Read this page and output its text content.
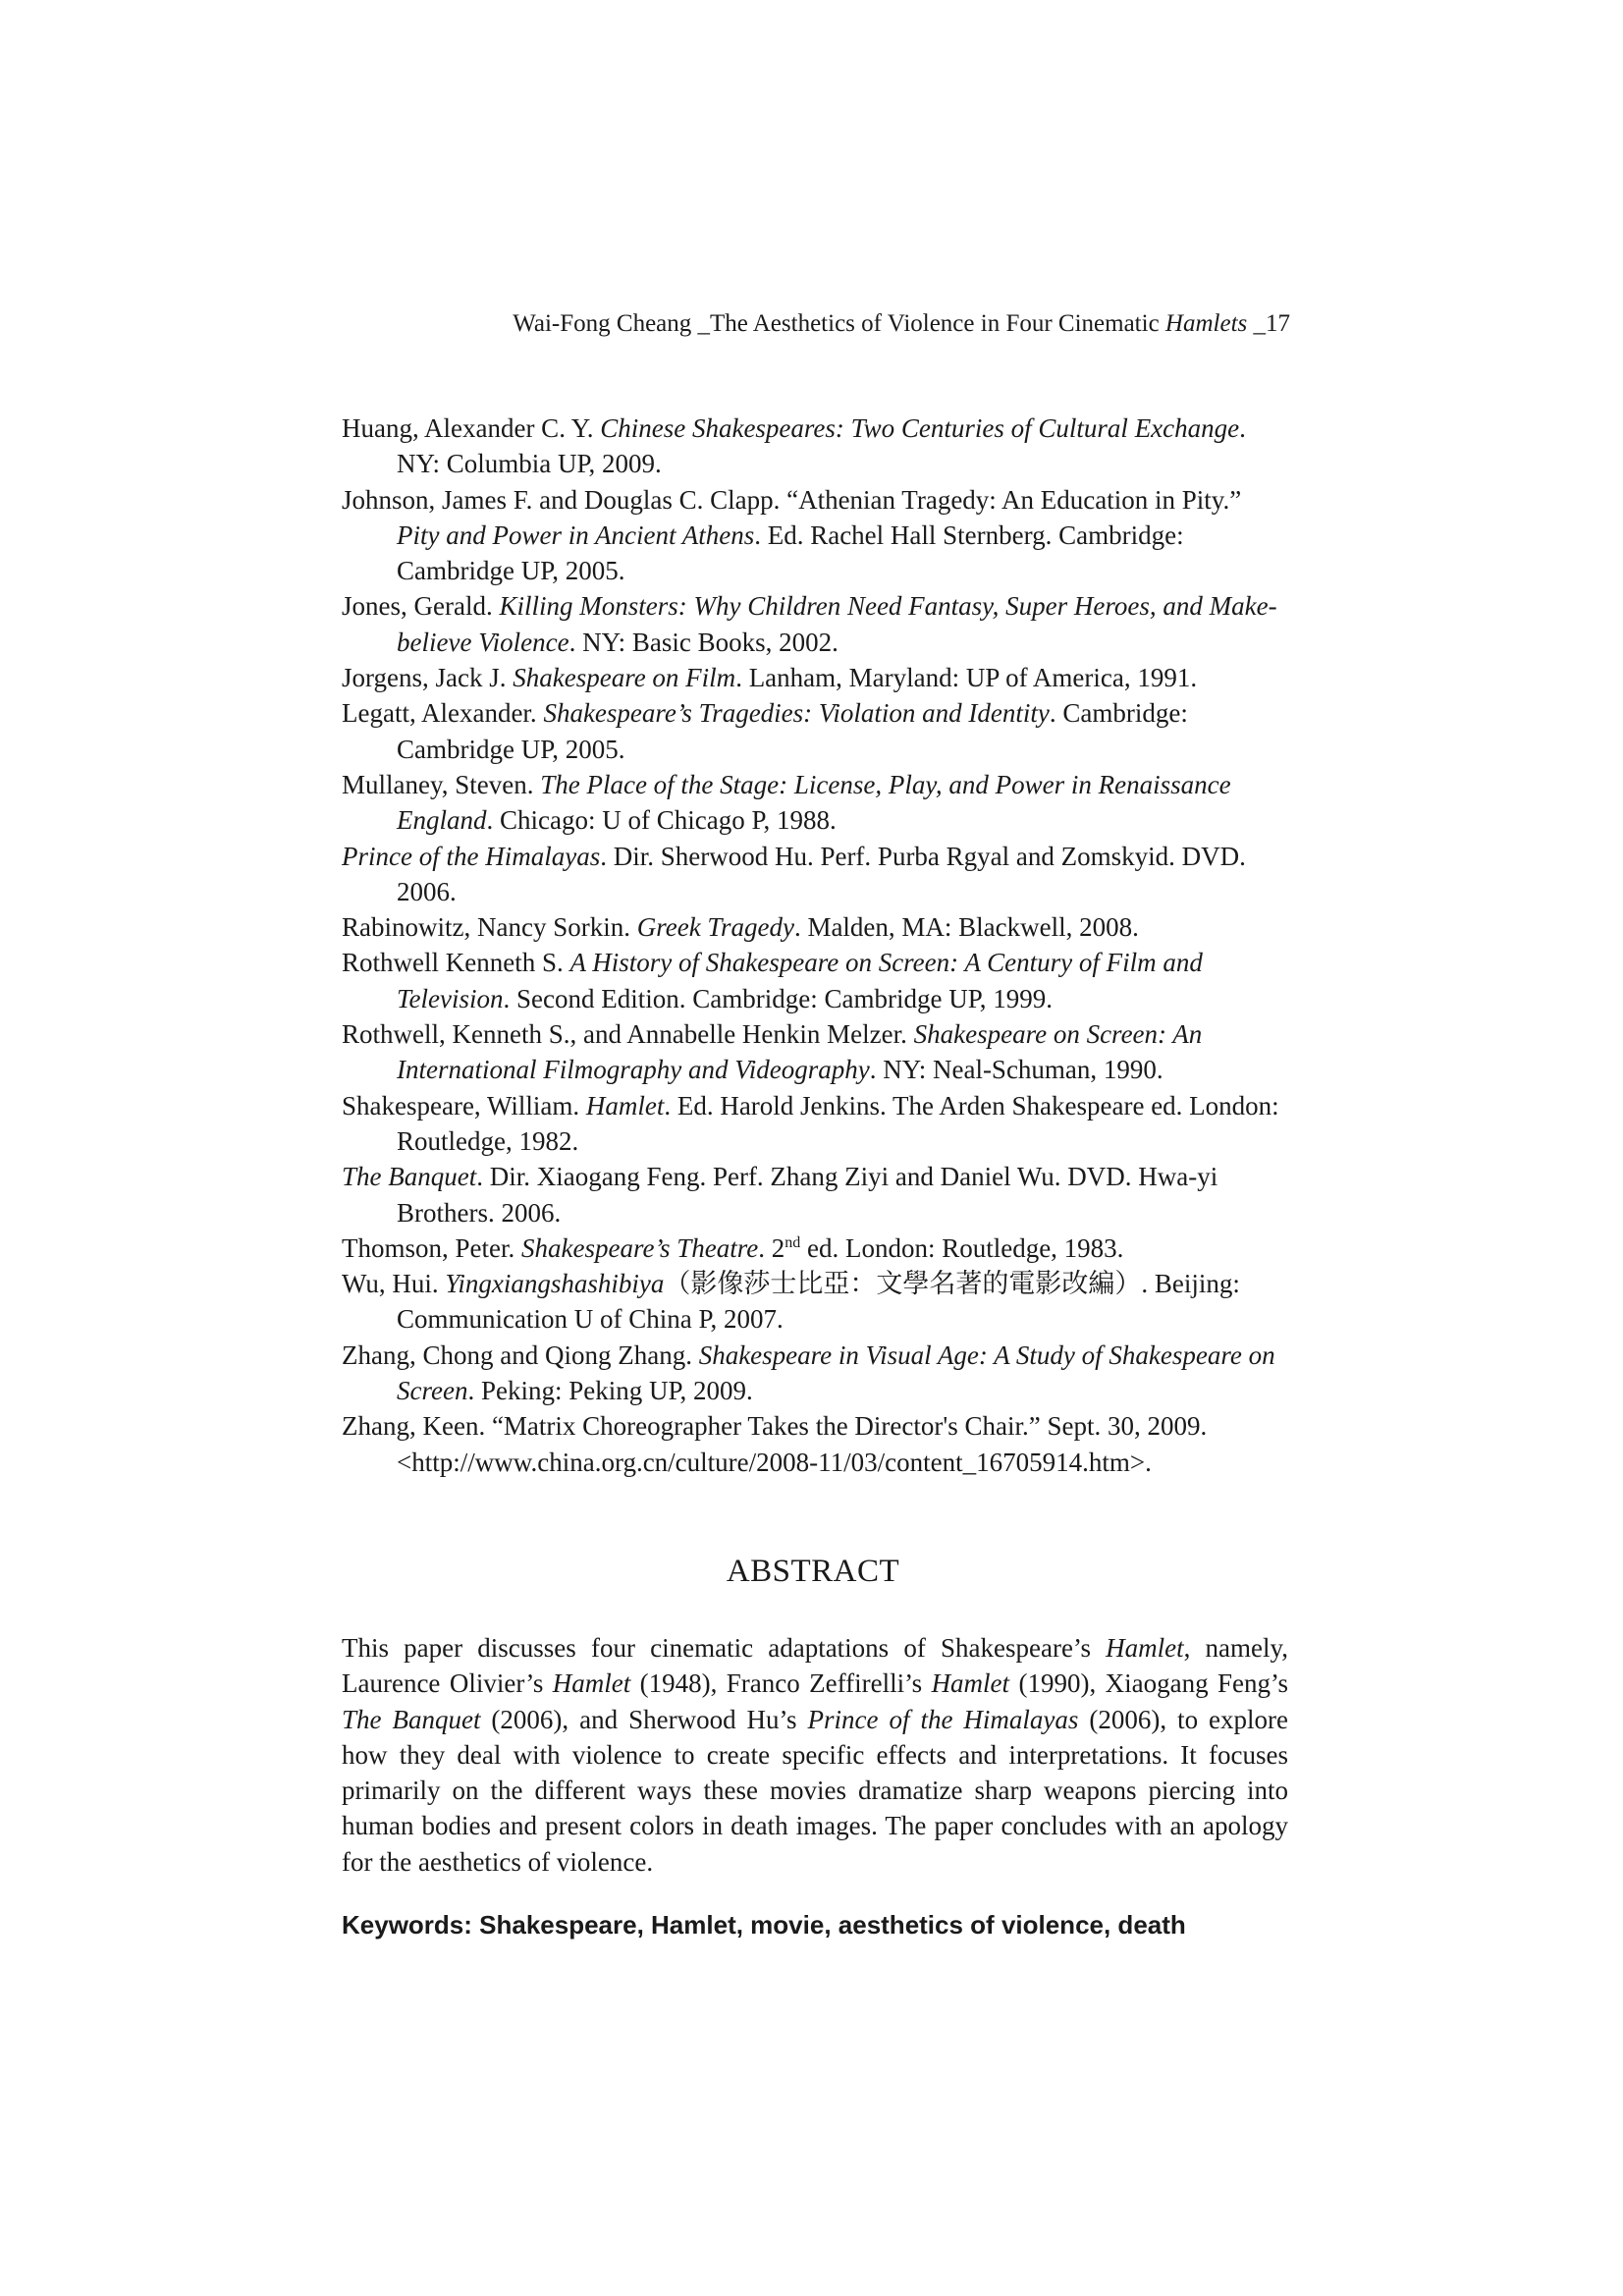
Wai-Fong Cheang _The Aesthetics of Violence in Four Cinematic Hamlets _17

Huang, Alexander C. Y. Chinese Shakespeares: Two Centuries of Cultural Exchange. NY: Columbia UP, 2009.

Johnson, James F. and Douglas C. Clapp. “Athenian Tragedy: An Education in Pity.” Pity and Power in Ancient Athens. Ed. Rachel Hall Sternberg. Cambridge: Cambridge UP, 2005.

Jones, Gerald. Killing Monsters: Why Children Need Fantasy, Super Heroes, and Make-believe Violence. NY: Basic Books, 2002.

Jorgens, Jack J. Shakespeare on Film. Lanham, Maryland: UP of America, 1991.

Legatt, Alexander. Shakespeare’s Tragedies: Violation and Identity. Cambridge: Cambridge UP, 2005.

Mullaney, Steven. The Place of the Stage: License, Play, and Power in Renaissance England. Chicago: U of Chicago P, 1988.

Prince of the Himalayas. Dir. Sherwood Hu. Perf. Purba Rgyal and Zomskyid. DVD. 2006.

Rabinowitz, Nancy Sorkin. Greek Tragedy. Malden, MA: Blackwell, 2008.

Rothwell Kenneth S. A History of Shakespeare on Screen: A Century of Film and Television. Second Edition. Cambridge: Cambridge UP, 1999.

Rothwell, Kenneth S., and Annabelle Henkin Melzer. Shakespeare on Screen: An International Filmography and Videography. NY: Neal-Schuman, 1990.

Shakespeare, William. Hamlet. Ed. Harold Jenkins. The Arden Shakespeare ed. London: Routledge, 1982.

The Banquet. Dir. Xiaogang Feng. Perf. Zhang Ziyi and Daniel Wu. DVD. Hwa-yi Brothers. 2006.

Thomson, Peter. Shakespeare’s Theatre. 2nd ed. London: Routledge, 1983.

Wu, Hui. Yingxiangshashibiya（影像莎士比亞：文學名著的電影改編）. Beijing: Communication U of China P, 2007.

Zhang, Chong and Qiong Zhang. Shakespeare in Visual Age: A Study of Shakespeare on Screen. Peking: Peking UP, 2009.

Zhang, Keen. “Matrix Choreographer Takes the Director's Chair.” Sept. 30, 2009. <http://www.china.org.cn/culture/2008-11/03/content_16705914.htm>.

ABSTRACT

This paper discusses four cinematic adaptations of Shakespeare’s Hamlet, namely, Laurence Olivier’s Hamlet (1948), Franco Zeffirelli’s Hamlet (1990), Xiaogang Feng’s The Banquet (2006), and Sherwood Hu’s Prince of the Himalayas (2006), to explore how they deal with violence to create specific effects and interpretations. It focuses primarily on the different ways these movies dramatize sharp weapons piercing into human bodies and present colors in death images. The paper concludes with an apology for the aesthetics of violence.

Keywords: Shakespeare, Hamlet, movie, aesthetics of violence, death
